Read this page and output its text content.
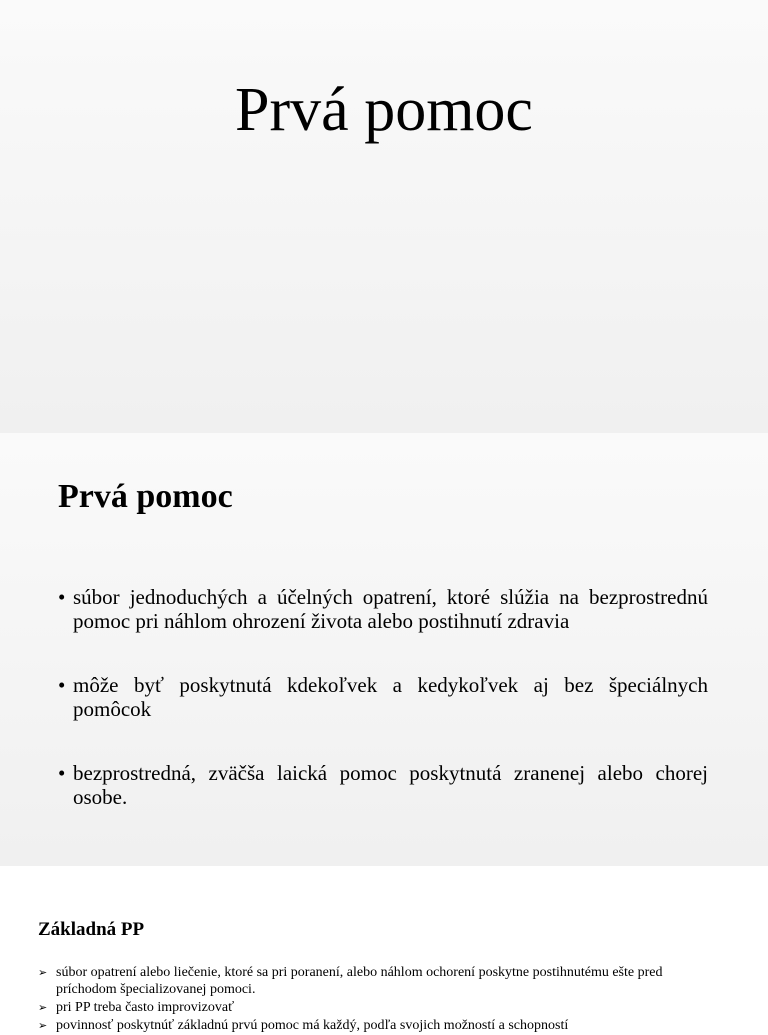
Prvá pomoc
Prvá pomoc
• súbor jednoduchých a účelných opatrení, ktoré slúžia na bezprostrednú pomoc pri náhlom ohrození života alebo postihnutí zdravia
• môže byť poskytnutá kdekoľvek a kedykoľvek aj bez špeciálnych pomôcok
• bezprostredná, zväčša laická pomoc poskytnutá zranenej alebo chorej osobe.
Základná PP
➢ súbor opatrení alebo liečenie, ktoré sa pri poranení, alebo náhlom ochorení poskytne postihnutému ešte pred príchodom špecializovanej pomoci.
➢ pri PP treba často improvizovať
➢ povinnosť poskytnúť základnú prvú pomoc má každý, podľa svojich možností a schopností
